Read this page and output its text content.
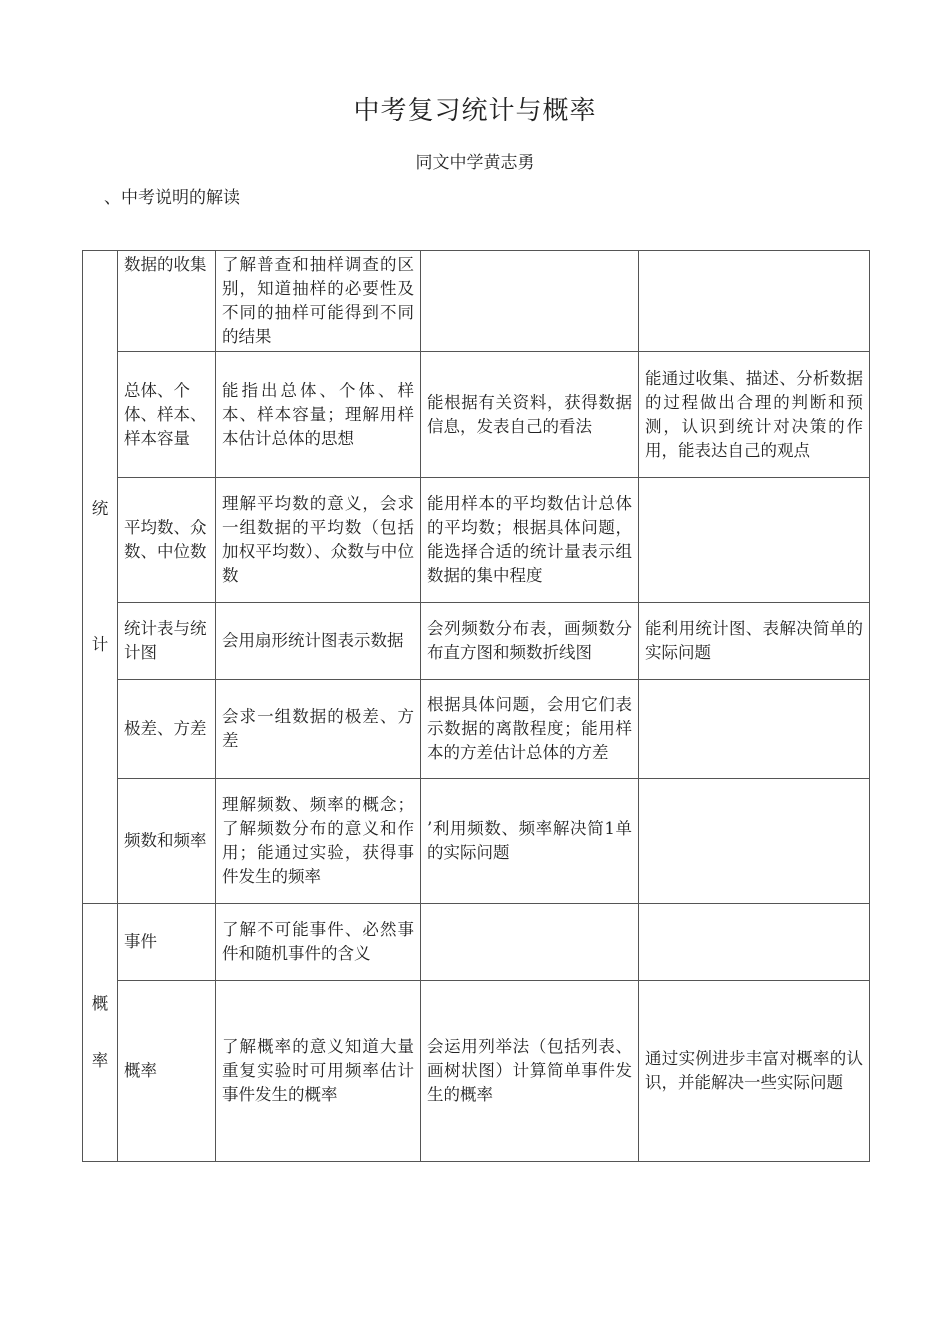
中考复习统计与概率
同文中学黄志勇
、中考说明的解读
统
计	数据的收集	了解普查和抽样调查的区别，知道抽样的必要性及不同的抽样可能得到不同的结果		
	总体、个体、样本、样本容量	能指出总体、个体、样本、样本容量；理解用样本估计总体的思想	能根据有关资料，获得数据信息，发表自己的看法	能通过收集、描述、分析数据的过程做出合理的判断和预测，认识到统计对决策的作用，能表达自己的观点
	平均数、众数、中位数	理解平均数的意义，会求一组数据的平均数（包括加权平均数）、众数与中位数	能用样本的平均数估计总体的平均数；根据具体问题，能选择合适的统计量表示组数据的集中程度	
	统计表与统计图	会用扇形统计图表示数据	会列频数分布表，画频数分布直方图和频数折线图	能利用统计图、表解决简单的实际问题
	极差、方差	会求一组数据的极差、方差	根据具体问题，会用它们表示数据的离散程度；能用样本的方差估计总体的方差	
	频数和频率	理解频数、频率的概念；了解频数分布的意义和作用；能通过实验，获得事件发生的频率	’利用频数、频率解决简1单的实际问题	

概
率	事件	了解不可能事件、必然事件和随机事件的含义		
	概率	了解概率的意义知道大量重复实验时可用频率估计事件发生的概率	会运用列举法（包括列表、画树状图）计算简单事件发生的概率	通过实例进步丰富对概率的认识，并能解决一些实际问题
